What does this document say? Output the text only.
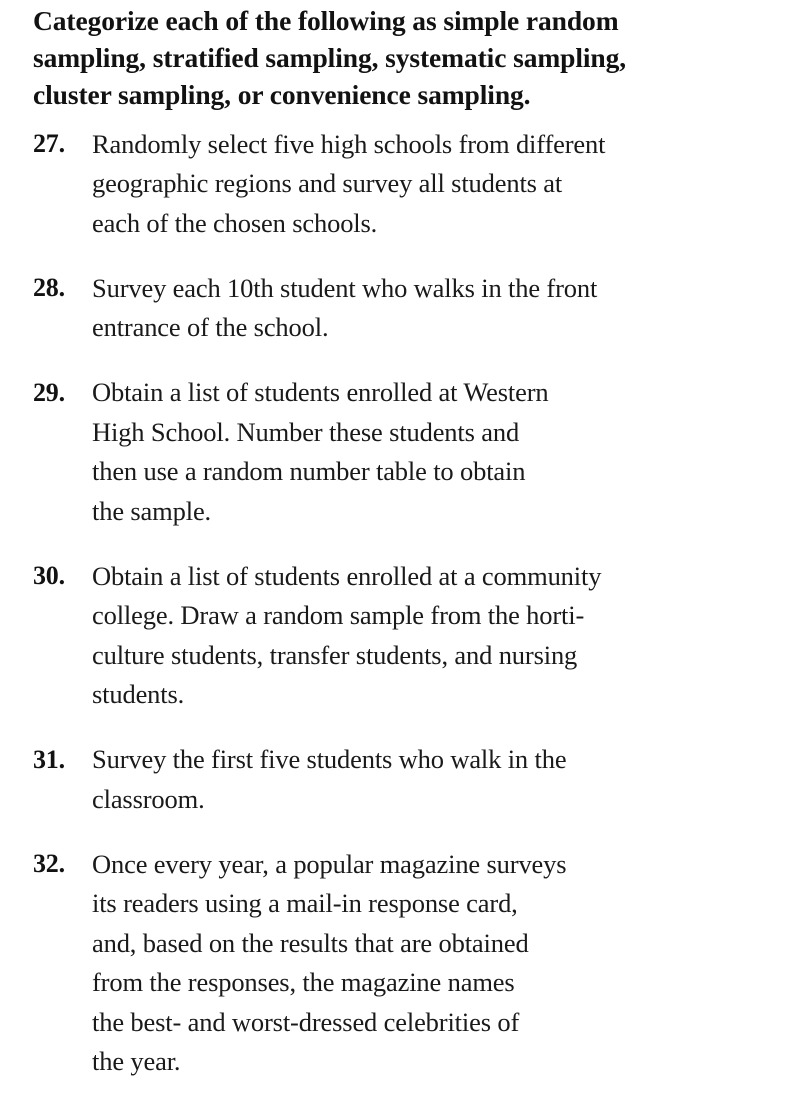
Categorize each of the following as simple random
sampling, stratified sampling, systematic sampling,
cluster sampling, or convenience sampling.
27.	Randomly select five high schools from different
geographic regions and survey all students at
each of the chosen schools.
28.	Survey each 10th student who walks in the front
entrance of the school.
29.	Obtain a list of students enrolled at Western
High School. Number these students and
then use a random number table to obtain
the sample.
30.	Obtain a list of students enrolled at a community
college. Draw a random sample from the horti-
culture students, transfer students, and nursing
students.
31.	Survey the first five students who walk in the
classroom.
32.	Once every year, a popular magazine surveys
its readers using a mail-in response card,
and, based on the results that are obtained
from the responses, the magazine names
the best- and worst-dressed celebrities of
the year.
